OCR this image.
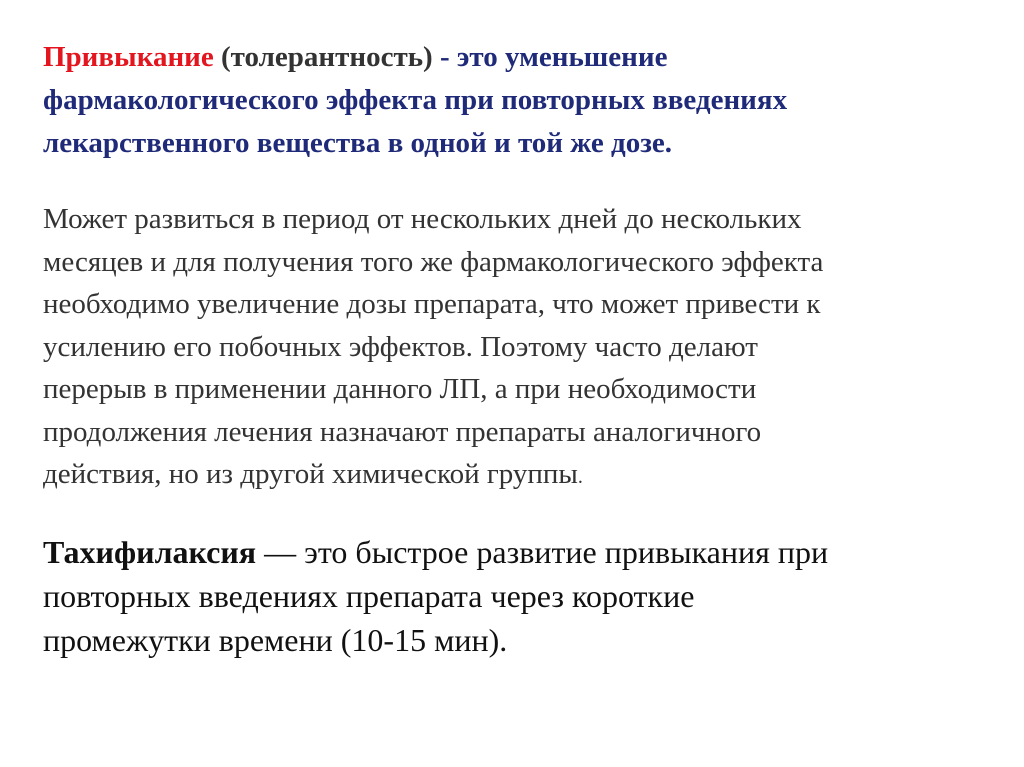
Привыкание (толерантность) - это уменьшение
фармакологического эффекта при повторных введениях
лекарственного вещества в одной и той же дозе.
Может развиться в период от нескольких дней до нескольких
месяцев и для получения того же фармакологического эффекта
необходимо увеличение дозы препарата, что может привести к
усилению его побочных эффектов. Поэтому часто делают
перерыв в применении данного ЛП, а при необходимости
продолжения лечения назначают препараты аналогичного
действия, но из другой химической группы.
Тахифилаксия — это быстрое развитие привыкания при
повторных введениях препарата через короткие
промежутки времени (10-15 мин).
